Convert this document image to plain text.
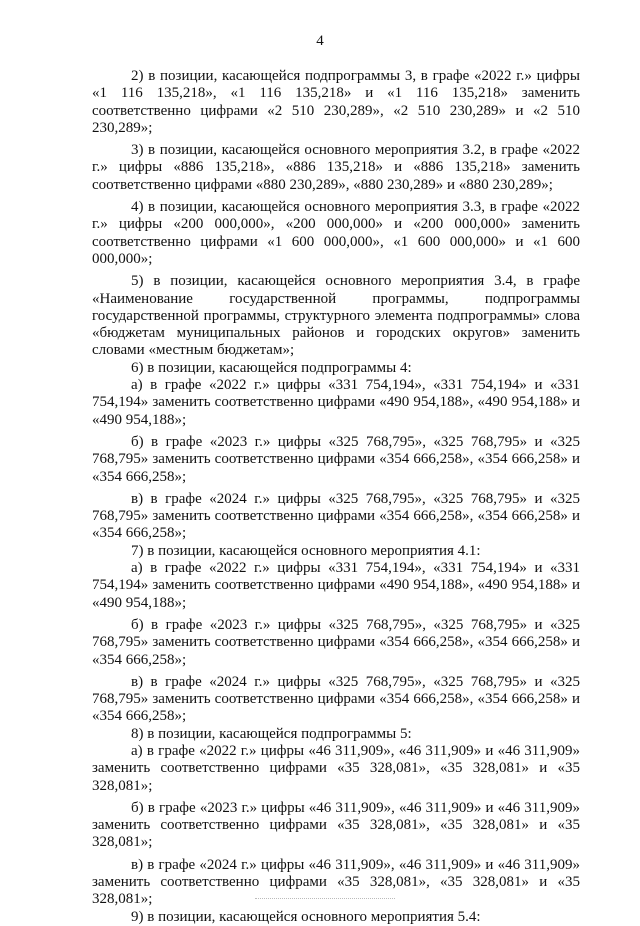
4

2) в позиции, касающейся подпрограммы 3, в графе «2022 г.» цифры «1 116 135,218», «1 116 135,218» и «1 116 135,218» заменить соответственно цифрами «2 510 230,289», «2 510 230,289» и «2 510 230,289»;

3) в позиции, касающейся основного мероприятия 3.2, в графе «2022 г.» цифры «886 135,218», «886 135,218» и «886 135,218» заменить соответственно цифрами «880 230,289», «880 230,289» и «880 230,289»;

4) в позиции, касающейся основного мероприятия 3.3, в графе «2022 г.» цифры «200 000,000», «200 000,000» и «200 000,000» заменить соответственно цифрами «1 600 000,000», «1 600 000,000» и «1 600 000,000»;

5) в позиции, касающейся основного мероприятия 3.4, в графе «Наименование государственной программы, подпрограммы государственной программы, структурного элемента подпрограммы» слова «бюджетам муниципальных районов и городских округов» заменить словами «местным бюджетам»;

6) в позиции, касающейся подпрограммы 4:

а) в графе «2022 г.» цифры «331 754,194», «331 754,194» и «331 754,194» заменить соответственно цифрами «490 954,188», «490 954,188» и «490 954,188»;

б) в графе «2023 г.» цифры «325 768,795», «325 768,795» и «325 768,795» заменить соответственно цифрами «354 666,258», «354 666,258» и «354 666,258»;

в) в графе «2024 г.» цифры «325 768,795», «325 768,795» и «325 768,795» заменить соответственно цифрами «354 666,258», «354 666,258» и «354 666,258»;

7) в позиции, касающейся основного мероприятия 4.1:

а) в графе «2022 г.» цифры «331 754,194», «331 754,194» и «331 754,194» заменить соответственно цифрами «490 954,188», «490 954,188» и «490 954,188»;

б) в графе «2023 г.» цифры «325 768,795», «325 768,795» и «325 768,795» заменить соответственно цифрами «354 666,258», «354 666,258» и «354 666,258»;

в) в графе «2024 г.» цифры «325 768,795», «325 768,795» и «325 768,795» заменить соответственно цифрами «354 666,258», «354 666,258» и «354 666,258»;

8) в позиции, касающейся подпрограммы 5:

а) в графе «2022 г.» цифры «46 311,909», «46 311,909» и «46 311,909» заменить соответственно цифрами «35 328,081», «35 328,081» и «35 328,081»;

б) в графе «2023 г.» цифры «46 311,909», «46 311,909» и «46 311,909» заменить соответственно цифрами «35 328,081», «35 328,081» и «35 328,081»;

в) в графе «2024 г.» цифры «46 311,909», «46 311,909» и «46 311,909» заменить соответственно цифрами «35 328,081», «35 328,081» и «35 328,081»;

9) в позиции, касающейся основного мероприятия 5.4:
